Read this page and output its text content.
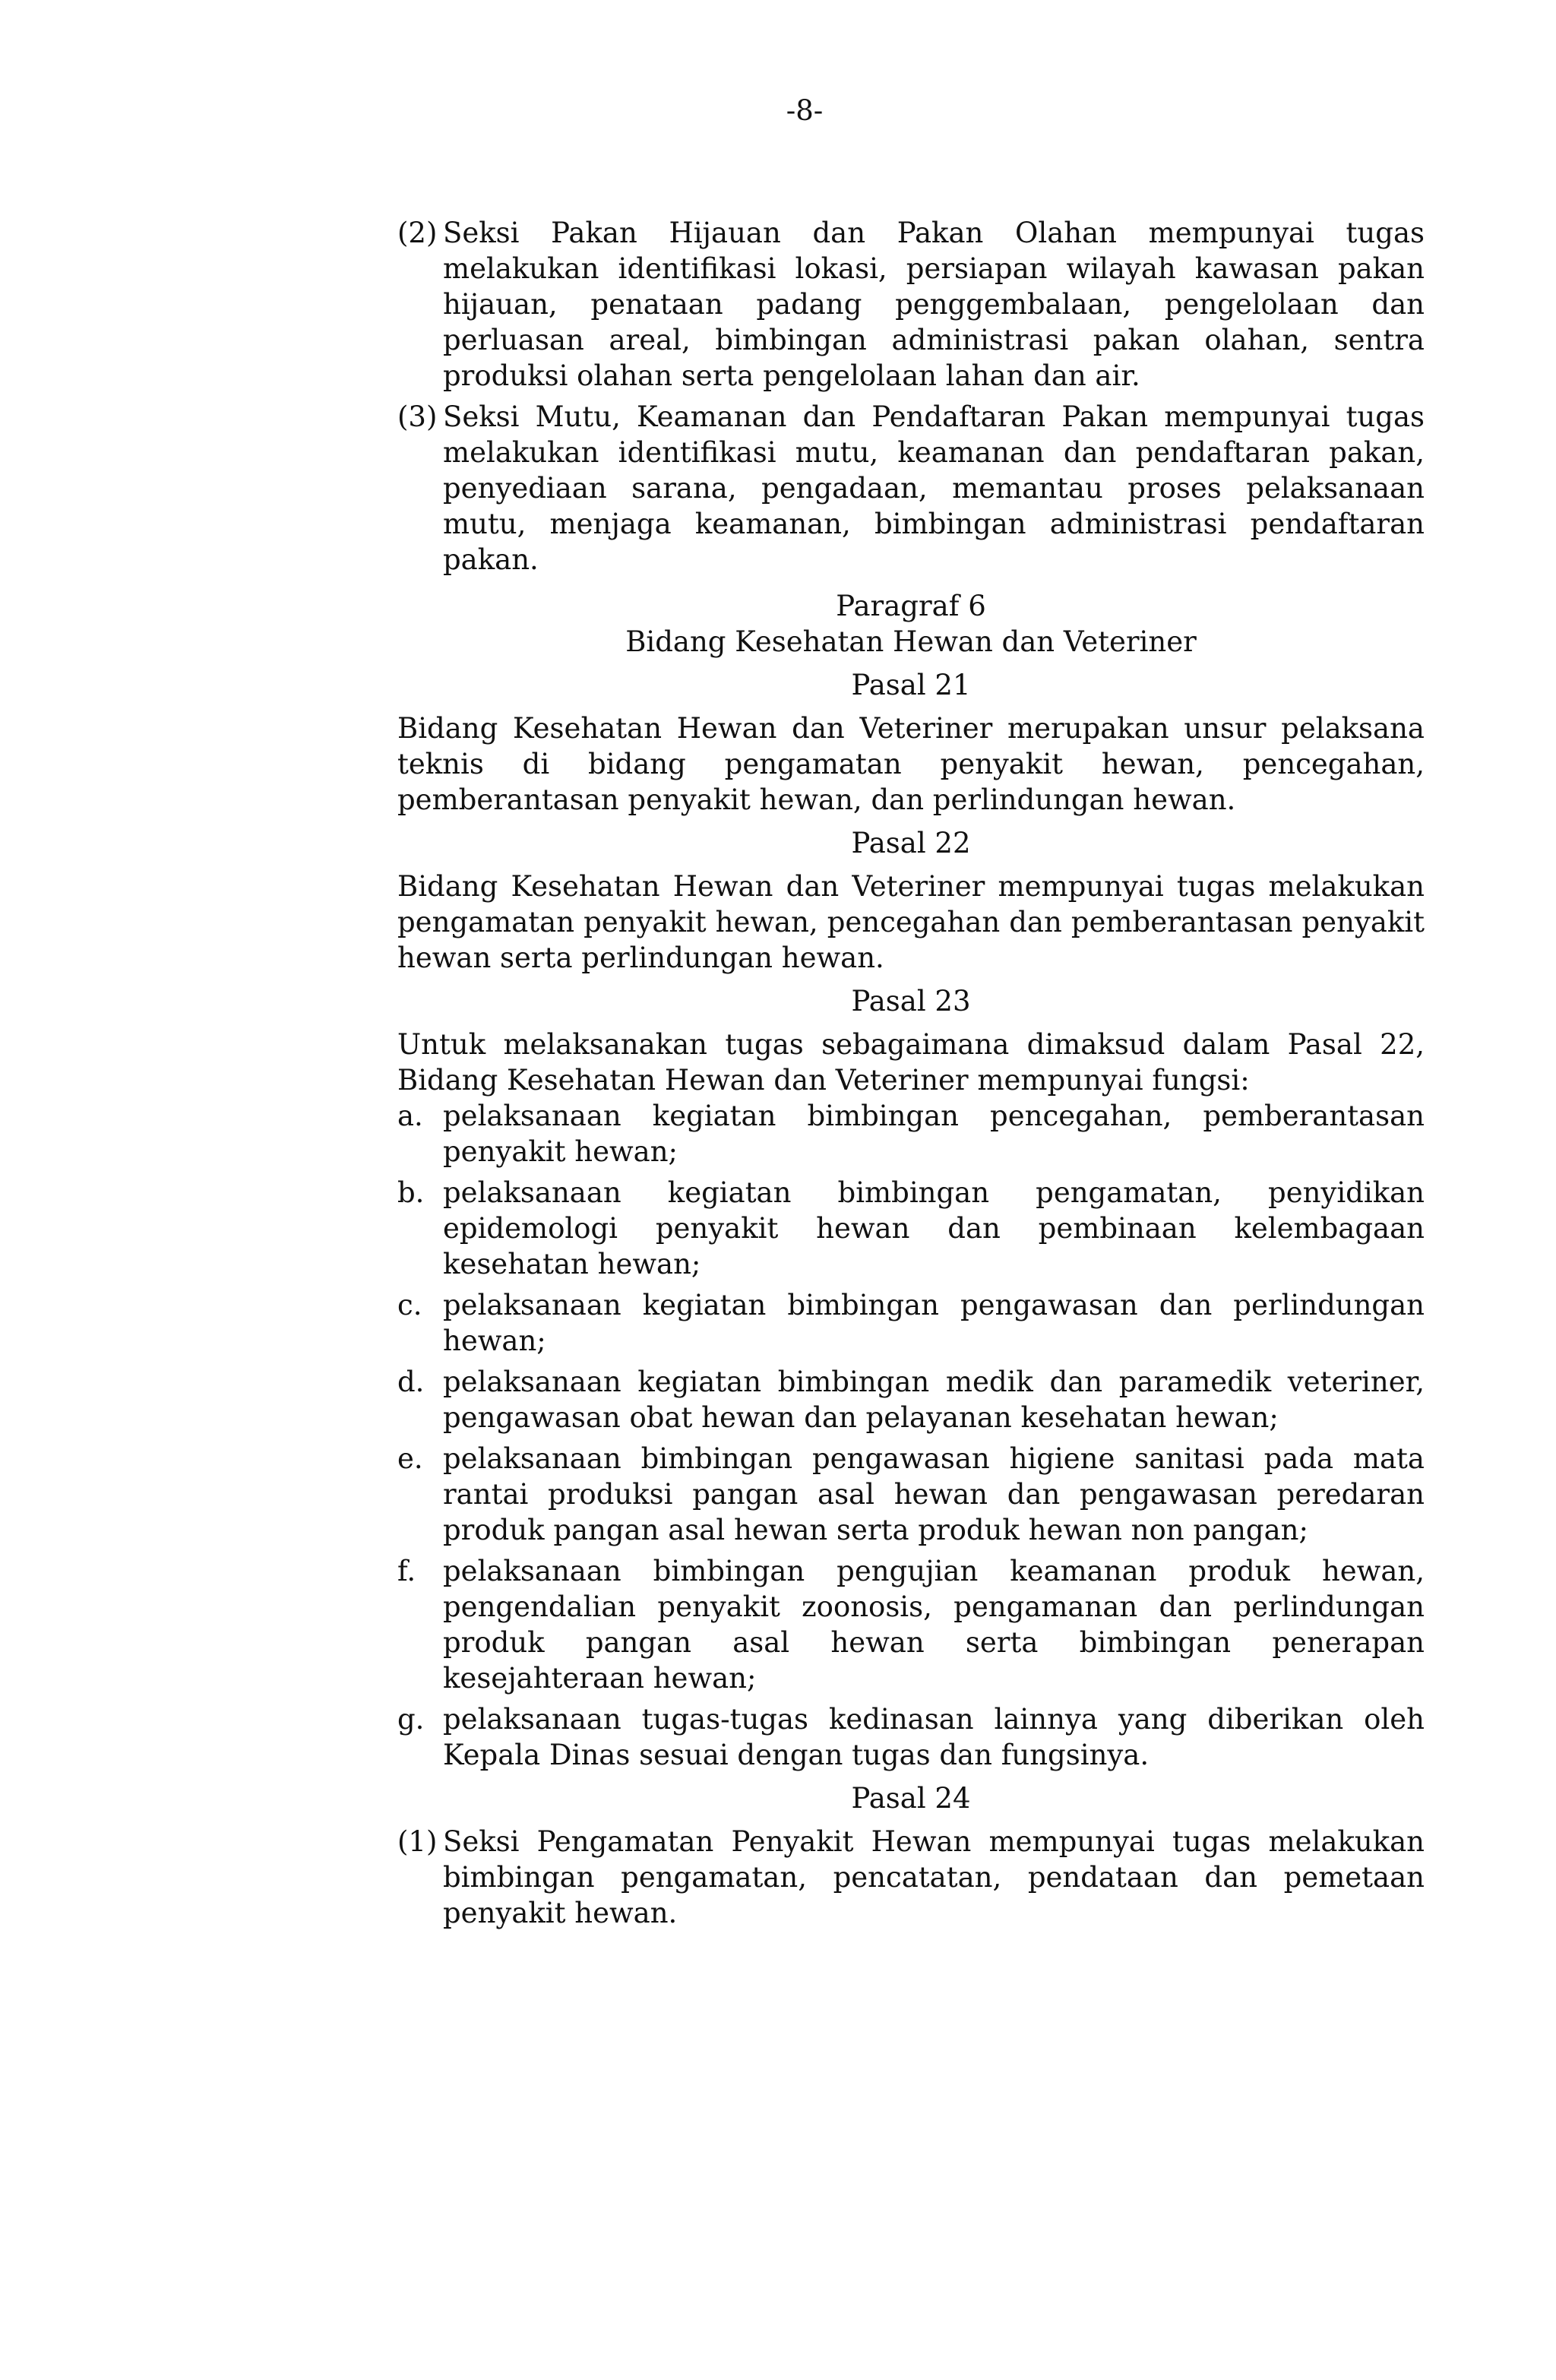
-8-
(2) Seksi Pakan Hijauan dan Pakan Olahan mempunyai tugas melakukan identifikasi lokasi, persiapan wilayah kawasan pakan hijauan, penataan padang penggembalaan, pengelolaan dan perluasan areal, bimbingan administrasi pakan olahan, sentra produksi olahan serta pengelolaan lahan dan air.
(3) Seksi Mutu, Keamanan dan Pendaftaran Pakan mempunyai tugas melakukan identifikasi mutu, keamanan dan pendaftaran pakan, penyediaan sarana, pengadaan, memantau proses pelaksanaan mutu, menjaga keamanan, bimbingan administrasi pendaftaran pakan.
Paragraf 6
Bidang Kesehatan Hewan dan Veteriner
Pasal 21
Bidang Kesehatan Hewan dan Veteriner merupakan unsur pelaksana teknis di bidang pengamatan penyakit hewan, pencegahan, pemberantasan penyakit hewan, dan perlindungan hewan.
Pasal 22
Bidang Kesehatan Hewan dan Veteriner mempunyai tugas melakukan pengamatan penyakit hewan, pencegahan dan pemberantasan penyakit hewan serta perlindungan hewan.
Pasal 23
Untuk melaksanakan tugas sebagaimana dimaksud dalam Pasal 22, Bidang Kesehatan Hewan dan Veteriner mempunyai fungsi:
a. pelaksanaan kegiatan bimbingan pencegahan, pemberantasan penyakit hewan;
b. pelaksanaan kegiatan bimbingan pengamatan, penyidikan epidemologi penyakit hewan dan pembinaan kelembagaan kesehatan hewan;
c. pelaksanaan kegiatan bimbingan pengawasan dan perlindungan hewan;
d. pelaksanaan kegiatan bimbingan medik dan paramedik veteriner, pengawasan obat hewan dan pelayanan kesehatan hewan;
e. pelaksanaan bimbingan pengawasan higiene sanitasi pada mata rantai produksi pangan asal hewan dan pengawasan peredaran produk pangan asal hewan serta produk hewan non pangan;
f. pelaksanaan bimbingan pengujian keamanan produk hewan, pengendalian penyakit zoonosis, pengamanan dan perlindungan produk pangan asal hewan serta bimbingan penerapan kesejahteraan hewan;
g. pelaksanaan tugas-tugas kedinasan lainnya yang diberikan oleh Kepala Dinas sesuai dengan tugas dan fungsinya.
Pasal 24
(1) Seksi Pengamatan Penyakit Hewan mempunyai tugas melakukan bimbingan pengamatan, pencatatan, pendataan dan pemetaan penyakit hewan.
